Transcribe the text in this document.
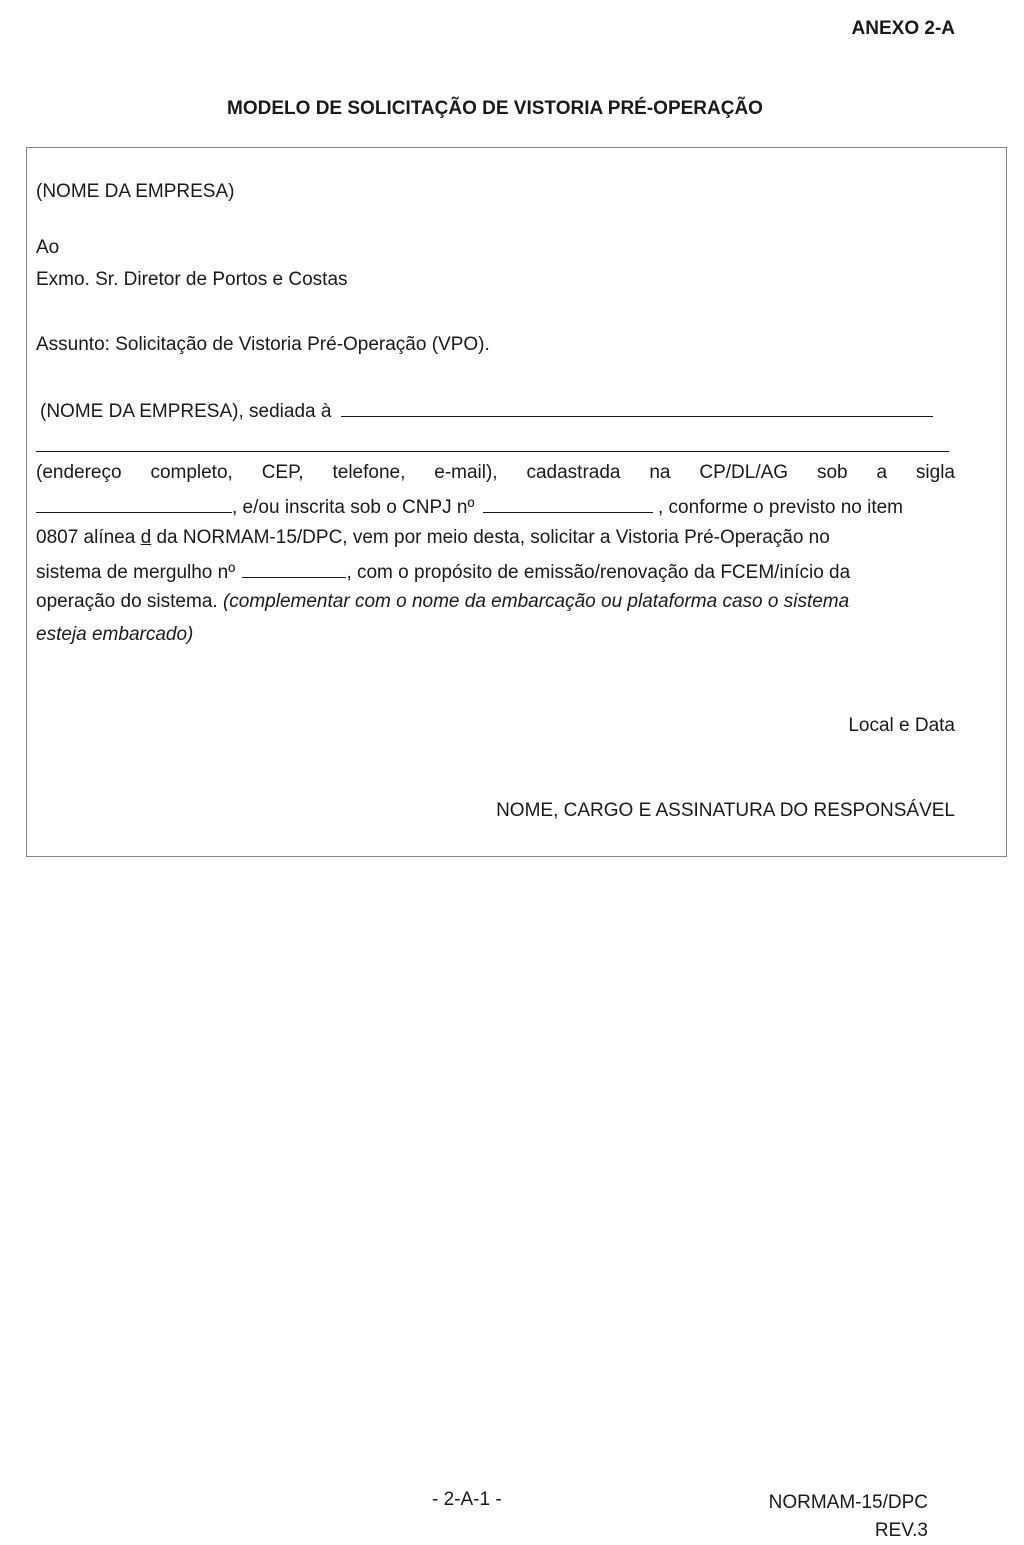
ANEXO 2-A
MODELO DE SOLICITAÇÃO DE VISTORIA PRÉ-OPERAÇÃO
(NOME DA EMPRESA)
Ao
Exmo. Sr. Diretor de Portos e Costas
Assunto: Solicitação de Vistoria Pré-Operação (VPO).
(NOME DA EMPRESA), sediada à
(endereço completo, CEP, telefone, e-mail), cadastrada na CP/DL/AG sob a sigla
, e/ou inscrita sob o CNPJ nº	, conforme o previsto no item
0807 alínea d da NORMAM-15/DPC, vem por meio desta, solicitar a Vistoria Pré-Operação no
sistema de mergulho nº	, com o propósito de emissão/renovação da FCEM/início da
operação do sistema. (complementar com o nome da embarcação ou plataforma caso o sistema
esteja embarcado)
Local e Data
NOME, CARGO E ASSINATURA DO RESPONSÁVEL
- 2-A-1 -	NORMAM-15/DPC
REV.3
